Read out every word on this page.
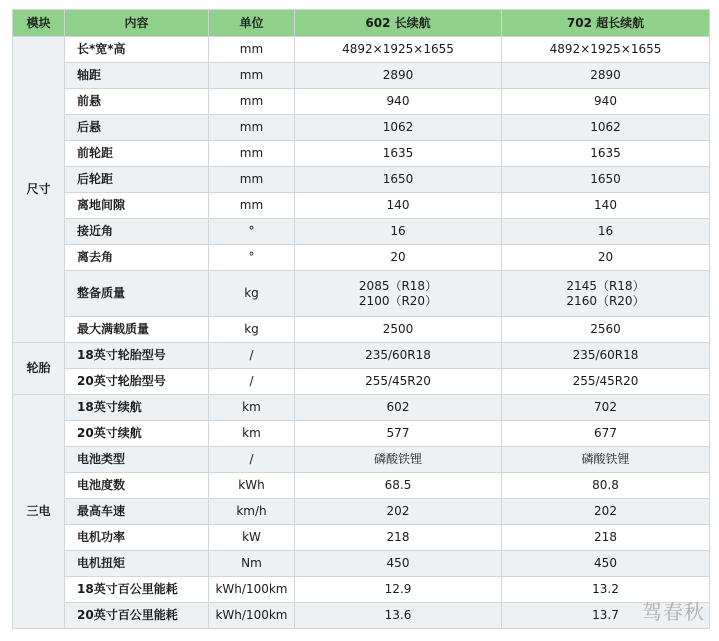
模块	内容	单位	602 长续航	702 超长续航
尺寸	长*宽*高	mm	4892×1925×1655	4892×1925×1655

	轴距	mm	2890	2890

	前悬	mm	940	940

	后悬	mm	1062	1062

	前轮距	mm	1635	1635

	后轮距	mm	1650	1650

	离地间隙	mm	140	140

	接近角	°	16	16

	离去角	°	20	20

	整备质量	kg	2085（R18）
2100（R20）	2145（R18）
2160（R20）

	最大满载质量	kg	2500	2560

轮胎	18英寸轮胎型号	/	235/60R18	235/60R18

	20英寸轮胎型号	/	255/45R20	255/45R20

三电	18英寸续航	km	602	702

	20英寸续航	km	577	677

	电池类型	/	磷酸铁锂	磷酸铁锂

	电池度数	kWh	68.5	80.8

	最高车速	km/h	202	202

	电机功率	kW	218	218

	电机扭矩	Nm	450	450

	18英寸百公里能耗	kWh/100km	12.9	13.2

	20英寸百公里能耗	kWh/100km	13.6	13.7	驾春秋
